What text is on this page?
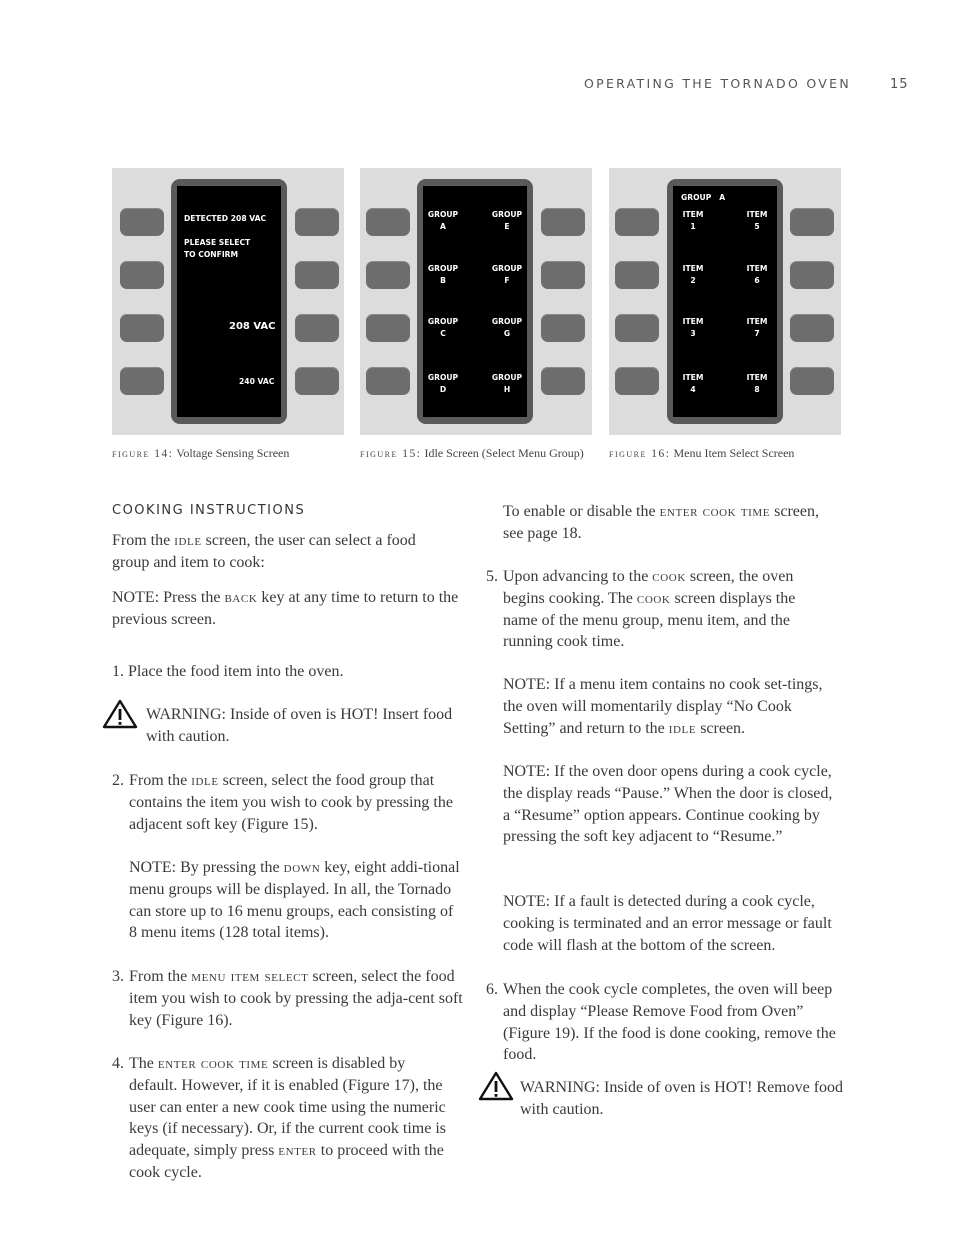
OPERATING THE TORNADO OVEN	15
DETECTED 208 VAC
PLEASE SELECT
TO CONFIRM
208 VAC
240 VAC
figure 14: Voltage Sensing Screen
GROUP
A
GROUP
E
GROUP
B
GROUP
F
GROUP
C
GROUP
G
GROUP
D
GROUP
H
figure 15: Idle Screen (Select Menu Group)
GROUP   A
ITEM
1
ITEM
5
ITEM
2
ITEM
6
ITEM
3
ITEM
7
ITEM
4
ITEM
8
figure 16: Menu Item Select Screen
COOKING INSTRUCTIONS
From the idle screen, the user can select a food group and item to cook:
NOTE: Press the back key at any time to return to the previous screen.
1. Place the food item into the oven.
WARNING: Inside of oven is HOT! Insert food with caution.
2. From the idle screen, select the food group that contains the item you wish to cook by pressing the adjacent soft key (Figure 15).
NOTE: By pressing the down key, eight addi-tional menu groups will be displayed. In all, the Tornado can store up to 16 menu groups, each consisting of 8 menu items (128 total items).
3. From the menu item select screen, select the food item you wish to cook by pressing the adja-cent soft key (Figure 16).
4. The enter cook time screen is disabled by default. However, if it is enabled (Figure 17), the user can enter a new cook time using the numeric keys (if necessary). Or, if the current cook time is adequate, simply press enter to proceed with the cook cycle.
To enable or disable the enter cook time screen, see page 18.
5. Upon advancing to the cook screen, the oven begins cooking. The cook screen displays the name of the menu group, menu item, and the running cook time.
NOTE: If a menu item contains no cook set-tings, the oven will momentarily display “No Cook Setting” and return to the idle screen.
NOTE: If the oven door opens during a cook cycle, the display reads “Pause.” When the door is closed, a “Resume” option appears. Continue cooking by pressing the soft key adjacent to “Resume.”
NOTE: If a fault is detected during a cook cycle, cooking is terminated and an error message or fault code will flash at the bottom of the screen.
6. When the cook cycle completes, the oven will beep and display “Please Remove Food from Oven” (Figure 19). If the food is done cooking, remove the food.
WARNING: Inside of oven is HOT! Remove food with caution.
